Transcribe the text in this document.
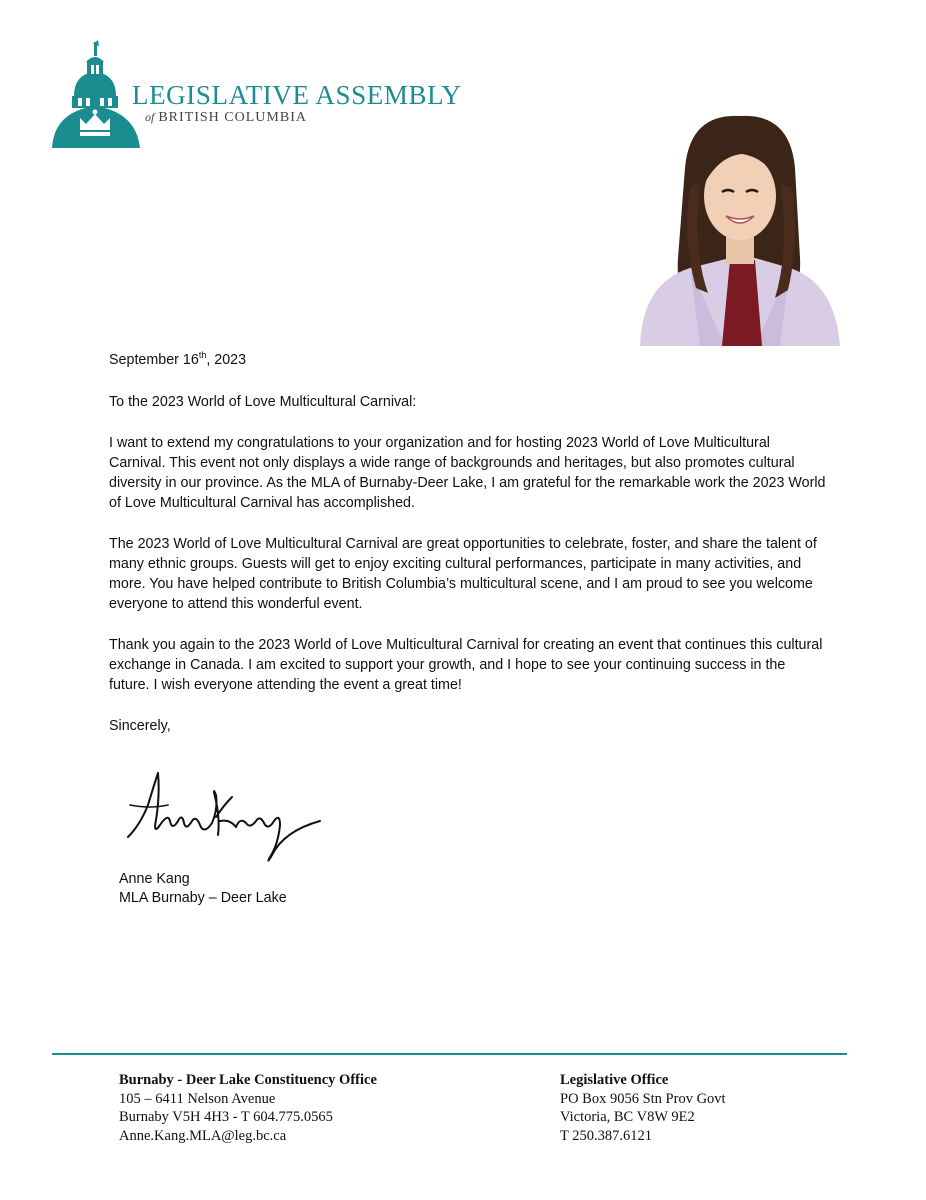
LEGISLATIVE ASSEMBLY
of BRITISH COLUMBIA

September 16th, 2023

To the 2023 World of Love Multicultural Carnival:

I want to extend my congratulations to your organization and for hosting 2023 World of Love Multicultural Carnival. This event not only displays a wide range of backgrounds and heritages, but also promotes cultural diversity in our province. As the MLA of Burnaby-Deer Lake, I am grateful for the remarkable work the 2023 World of Love Multicultural Carnival has accomplished.

The 2023 World of Love Multicultural Carnival are great opportunities to celebrate, foster, and share the talent of many ethnic groups. Guests will get to enjoy exciting cultural performances, participate in many activities, and more. You have helped contribute to British Columbia’s multicultural scene, and I am proud to see you welcome everyone to attend this wonderful event.

Thank you again to the 2023 World of Love Multicultural Carnival for creating an event that continues this cultural exchange in Canada. I am excited to support your growth, and I hope to see your continuing success in the future. I wish everyone attending the event a great time!

Sincerely,

Anne Kang
MLA Burnaby – Deer Lake
Burnaby - Deer Lake Constituency Office
105 – 6411 Nelson Avenue
Burnaby V5H 4H3 - T 604.775.0565
Anne.Kang.MLA@leg.bc.ca
Legislative Office
PO Box 9056 Stn Prov Govt
Victoria, BC V8W 9E2
T 250.387.6121
